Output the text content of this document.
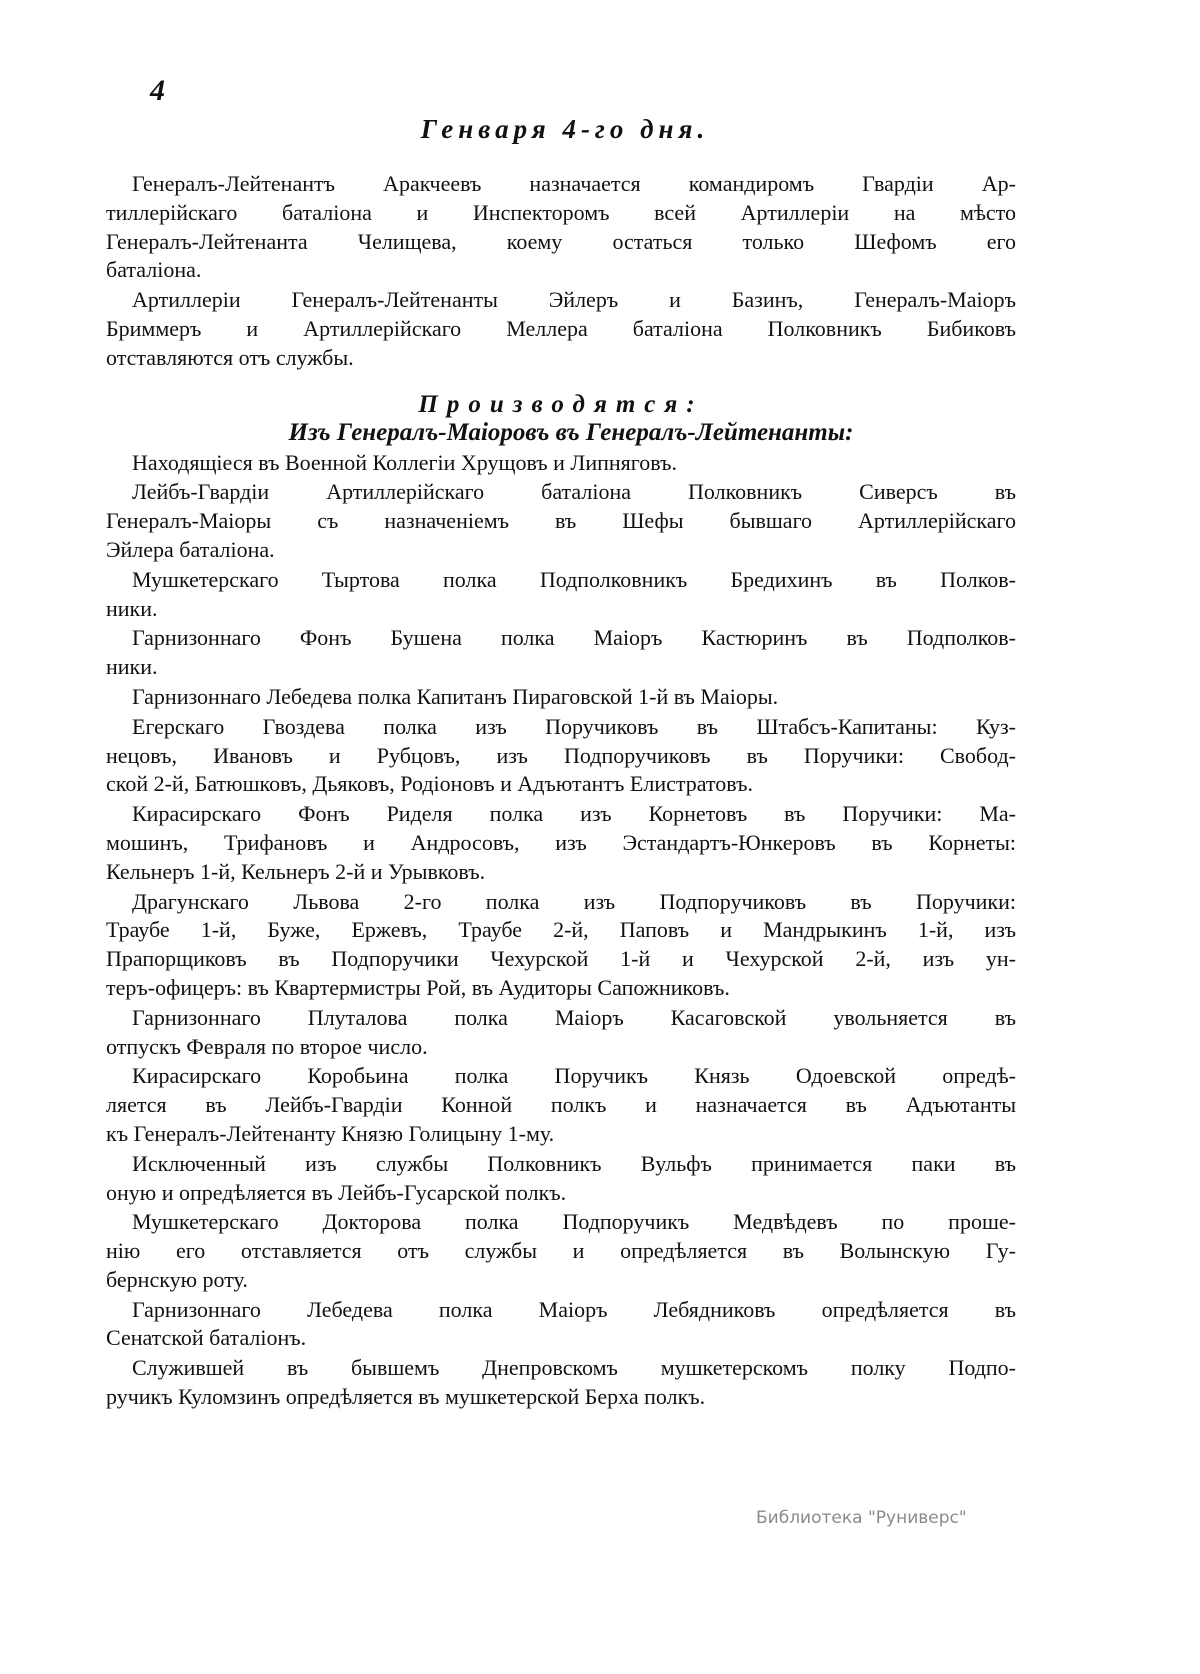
4
Генваря 4-го дня.
Генералъ-Лейтенантъ Аракчеевъ назначается командиромъ Гвардіи Ар-
тиллерійскаго баталіона и Инспекторомъ всей Артиллеріи на мѣсто
Генералъ-Лейтенанта Челищева, коему остаться только Шефомъ его
баталіона.
Артиллеріи Генералъ-Лейтенанты Эйлеръ и Базинъ, Генералъ-Маіоръ
Бриммеръ и Артиллерійскаго Меллера баталіона Полковникъ Бибиковъ
отставляются отъ службы.
Производятся:
Изъ Генералъ-Маіоровъ въ Генералъ-Лейтенанты:
Находящіеся въ Военной Коллегіи Хрущовъ и Липняговъ.
Лейбъ-Гвардіи Артиллерійскаго баталіона Полковникъ Сиверсъ въ
Генералъ-Маіоры съ назначеніемъ въ Шефы бывшаго Артиллерійскаго
Эйлера баталіона.
Мушкетерскаго Тыртова полка Подполковникъ Бредихинъ въ Полков-
ники.
Гарнизоннаго Фонъ Бушена полка Маіоръ Кастюринъ въ Подполков-
ники.
Гарнизоннаго Лебедева полка Капитанъ Пираговской 1-й въ Маіоры.
Егерскаго Гвоздева полка изъ Поручиковъ въ Штабсъ-Капитаны: Куз-
нецовъ, Ивановъ и Рубцовъ, изъ Подпоручиковъ въ Поручики: Свобод-
ской 2-й, Батюшковъ, Дьяковъ, Родіоновъ и Адъютантъ Елистратовъ.
Кирасирскаго Фонъ Риделя полка изъ Корнетовъ въ Поручики: Ма-
мошинъ, Трифановъ и Андросовъ, изъ Эстандартъ-Юнкеровъ въ Корнеты:
Кельнеръ 1-й, Кельнеръ 2-й и Урывковъ.
Драгунскаго Львова 2-го полка изъ Подпоручиковъ въ Поручики:
Траубе 1-й, Буже, Ержевъ, Траубе 2-й, Паповъ и Мандрыкинъ 1-й, изъ
Прапорщиковъ въ Подпоручики Чехурской 1-й и Чехурской 2-й, изъ ун-
теръ-офицеръ: въ Квартермистры Рой, въ Аудиторы Сапожниковъ.
Гарнизоннаго Плуталова полка Маіоръ Касаговской увольняется въ
отпускъ Февраля по второе число.
Кирасирскаго Коробьина полка Поручикъ Князь Одоевской опредѣ-
ляется въ Лейбъ-Гвардіи Конной полкъ и назначается въ Адъютанты
къ Генералъ-Лейтенанту Князю Голицыну 1-му.
Исключенный изъ службы Полковникъ Вульфъ принимается паки въ
оную и опредѣляется въ Лейбъ-Гусарской полкъ.
Мушкетерскаго Докторова полка Подпоручикъ Медвѣдевъ по проше-
нію его отставляется отъ службы и опредѣляется въ Волынскую Гу-
бернскую роту.
Гарнизоннаго Лебедева полка Маіоръ Лебядниковъ опредѣляется въ
Сенатской баталіонъ.
Служившей въ бывшемъ Днепровскомъ мушкетерскомъ полку Подпо-
ручикъ Куломзинъ опредѣляется въ мушкетерской Берха полкъ.
Библиотека "Руниверс"
